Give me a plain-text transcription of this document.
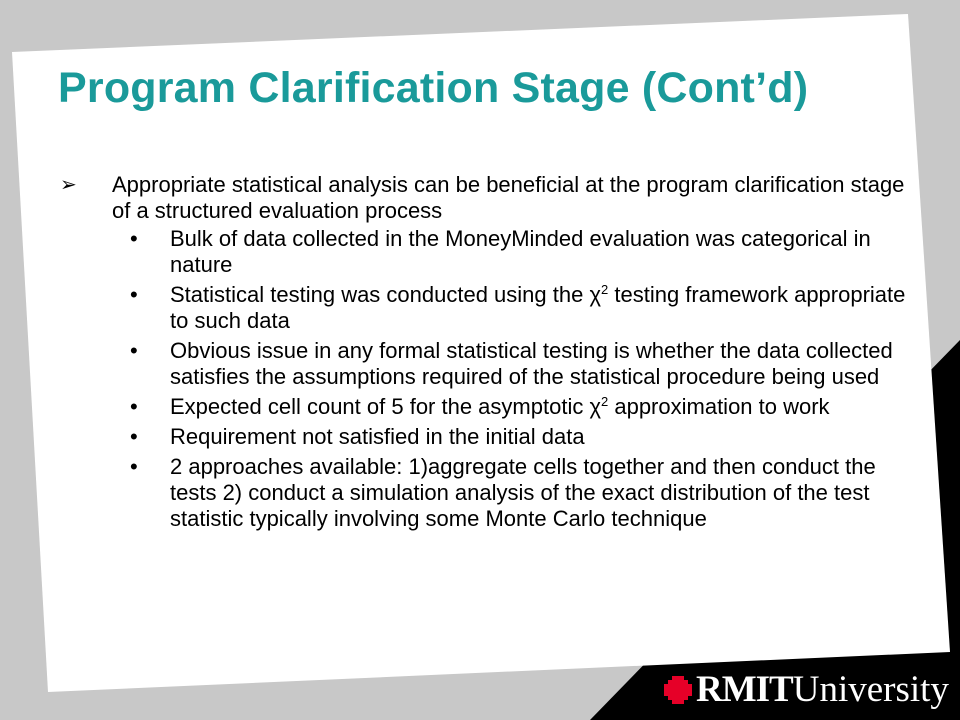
Program Clarification Stage (Cont’d)
➢ Appropriate statistical analysis can be beneficial at the program clarification stage of a structured evaluation process
• Bulk of data collected in the MoneyMinded evaluation was categorical in nature
• Statistical testing was conducted using the $\chi^2$ testing framework appropriate to such data
• Obvious issue in any formal statistical testing is whether the data collected satisfies the assumptions required of the statistical procedure being used
• Expected cell count of 5 for the asymptotic $\chi^2$ approximation to work
• Requirement not satisfied in the initial data
• 2 approaches available: 1)aggregate cells together and then conduct the tests 2) conduct a simulation analysis of the exact distribution of the test statistic typically involving some Monte Carlo technique
RMITUniversity
